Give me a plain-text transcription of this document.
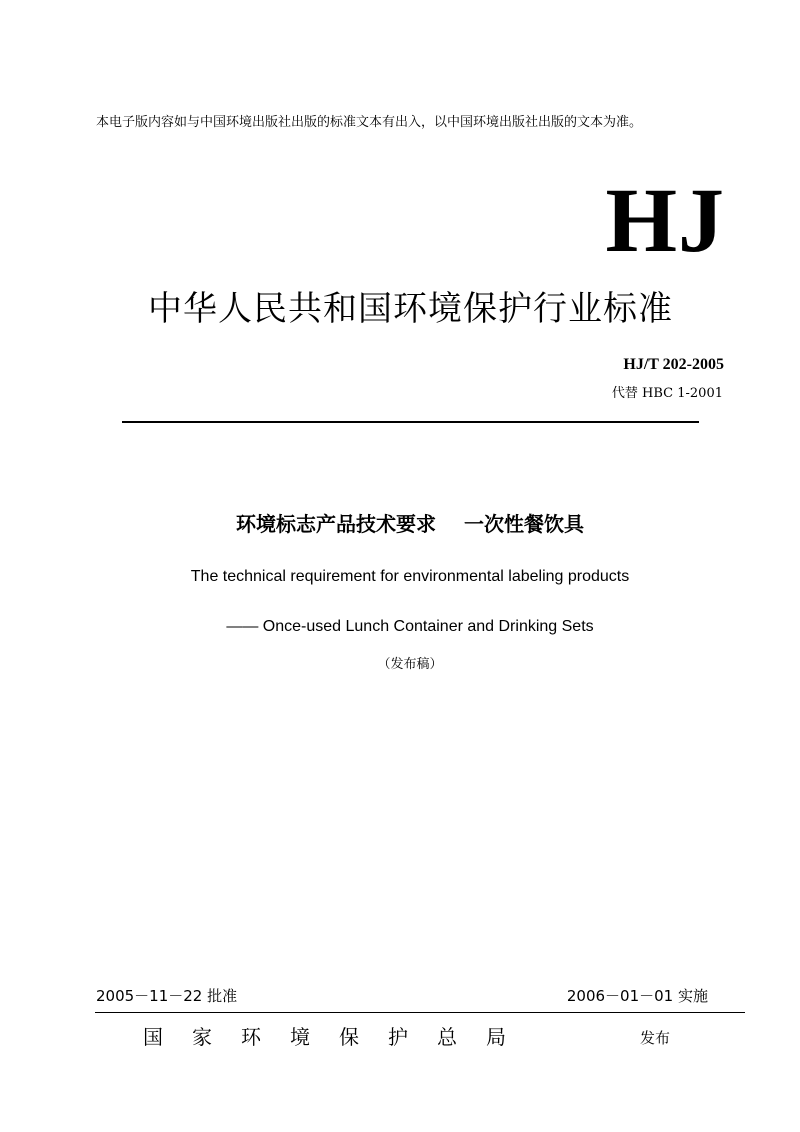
本电子版内容如与中国环境出版社出版的标准文本有出入，以中国环境出版社出版的文本为准。
HJ
中华人民共和国环境保护行业标准
HJ/T 202-2005
代替 HBC 1-2001
环境标志产品技术要求 一次性餐饮具
The technical requirement for environmental labeling products
—— Once-used Lunch Container and Drinking Sets
（发布稿）
2005－11－22 批准	2006－01－01 实施
国家环境保护总局	发布
